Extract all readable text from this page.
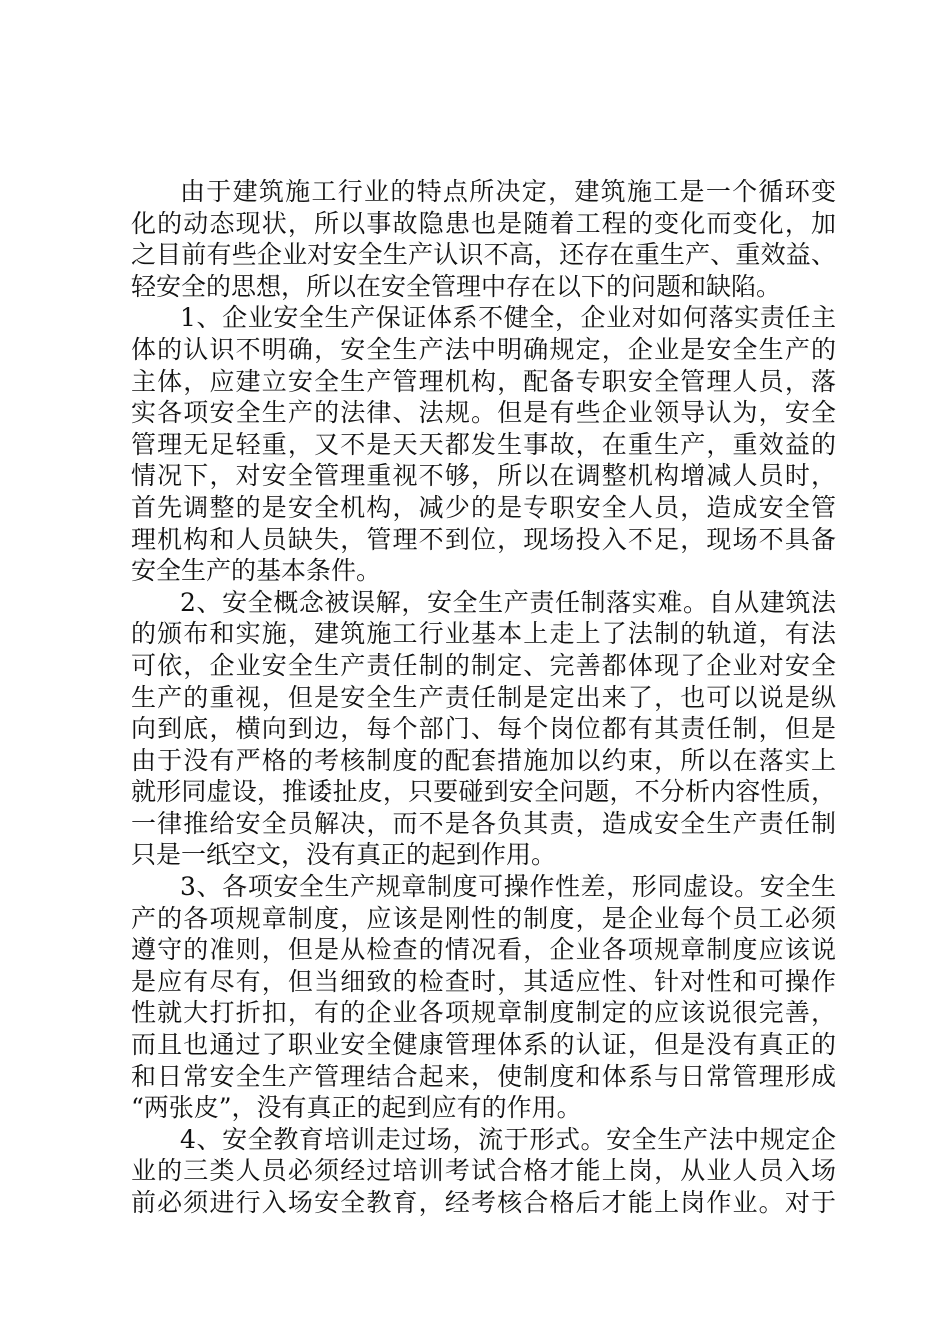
由于建筑施工行业的特点所决定，建筑施工是一个循环变
化的动态现状，所以事故隐患也是随着工程的变化而变化，加
之目前有些企业对安全生产认识不高，还存在重生产、重效益、
轻安全的思想，所以在安全管理中存在以下的问题和缺陷。
1、企业安全生产保证体系不健全，企业对如何落实责任主
体的认识不明确，安全生产法中明确规定，企业是安全生产的
主体，应建立安全生产管理机构，配备专职安全管理人员，落
实各项安全生产的法律、法规。但是有些企业领导认为，安全
管理无足轻重，又不是天天都发生事故，在重生产，重效益的
情况下，对安全管理重视不够，所以在调整机构增减人员时，
首先调整的是安全机构，减少的是专职安全人员，造成安全管
理机构和人员缺失，管理不到位，现场投入不足，现场不具备
安全生产的基本条件。
2、安全概念被误解，安全生产责任制落实难。自从建筑法
的颁布和实施，建筑施工行业基本上走上了法制的轨道，有法
可依，企业安全生产责任制的制定、完善都体现了企业对安全
生产的重视，但是安全生产责任制是定出来了，也可以说是纵
向到底，横向到边，每个部门、每个岗位都有其责任制，但是
由于没有严格的考核制度的配套措施加以约束，所以在落实上
就形同虚设，推诿扯皮，只要碰到安全问题，不分析内容性质，
一律推给安全员解决，而不是各负其责，造成安全生产责任制
只是一纸空文，没有真正的起到作用。
3、各项安全生产规章制度可操作性差，形同虚设。安全生
产的各项规章制度，应该是刚性的制度，是企业每个员工必须
遵守的准则，但是从检查的情况看，企业各项规章制度应该说
是应有尽有，但当细致的检查时，其适应性、针对性和可操作
性就大打折扣，有的企业各项规章制度制定的应该说很完善，
而且也通过了职业安全健康管理体系的认证，但是没有真正的
和日常安全生产管理结合起来，使制度和体系与日常管理形成
“两张皮”，没有真正的起到应有的作用。
4、安全教育培训走过场，流于形式。安全生产法中规定企
业的三类人员必须经过培训考试合格才能上岗，从业人员入场
前必须进行入场安全教育，经考核合格后才能上岗作业。对于
